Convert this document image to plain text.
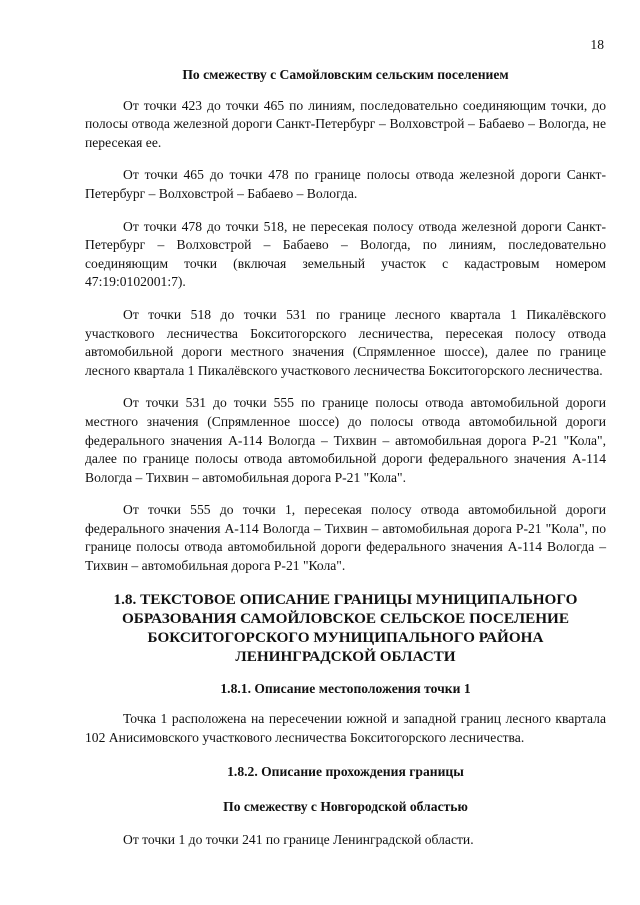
18

По смежеству с Самойловским сельским поселением

От точки 423 до точки 465 по линиям, последовательно соединяющим точки, до полосы отвода железной дороги Санкт-Петербург – Волховстрой – Бабаево – Вологда, не пересекая ее.

От точки 465 до точки 478 по границе полосы отвода железной дороги Санкт-Петербург – Волховстрой – Бабаево – Вологда.

От точки 478 до точки 518, не пересекая полосу отвода железной дороги Санкт-Петербург – Волховстрой – Бабаево – Вологда, по линиям, последовательно соединяющим точки (включая земельный участок с кадастровым номером 47:19:0102001:7).

От точки 518 до точки 531 по границе лесного квартала 1 Пикалёвского участкового лесничества Бокситогорского лесничества, пересекая полосу отвода автомобильной дороги местного значения (Спрямленное шоссе), далее по границе лесного квартала 1 Пикалёвского участкового лесничества Бокситогорского лесничества.

От точки 531 до точки 555 по границе полосы отвода автомобильной дороги местного значения (Спрямленное шоссе) до полосы отвода автомобильной дороги федерального значения А-114 Вологда – Тихвин – автомобильная дорога Р-21 "Кола", далее по границе полосы отвода автомобильной дороги федерального значения А-114 Вологда – Тихвин – автомобильная дорога Р-21 "Кола".

От точки 555 до точки 1, пересекая полосу отвода автомобильной дороги федерального значения А-114 Вологда – Тихвин – автомобильная дорога Р-21 "Кола", по границе полосы отвода автомобильной дороги федерального значения А-114 Вологда – Тихвин – автомобильная дорога Р-21 "Кола".

1.8. ТЕКСТОВОЕ ОПИСАНИЕ ГРАНИЦЫ МУНИЦИПАЛЬНОГО

ОБРАЗОВАНИЯ САМОЙЛОВСКОЕ СЕЛЬСКОЕ ПОСЕЛЕНИЕ

БОКСИТОГОРСКОГО МУНИЦИПАЛЬНОГО РАЙОНА

ЛЕНИНГРАДСКОЙ ОБЛАСТИ

1.8.1. Описание местоположения точки 1

Точка 1 расположена на пересечении южной и западной границ лесного квартала 102 Анисимовского участкового лесничества Бокситогорского лесничества.

1.8.2. Описание прохождения границы

По смежеству с Новгородской областью

От точки 1 до точки 241 по границе Ленинградской области.
